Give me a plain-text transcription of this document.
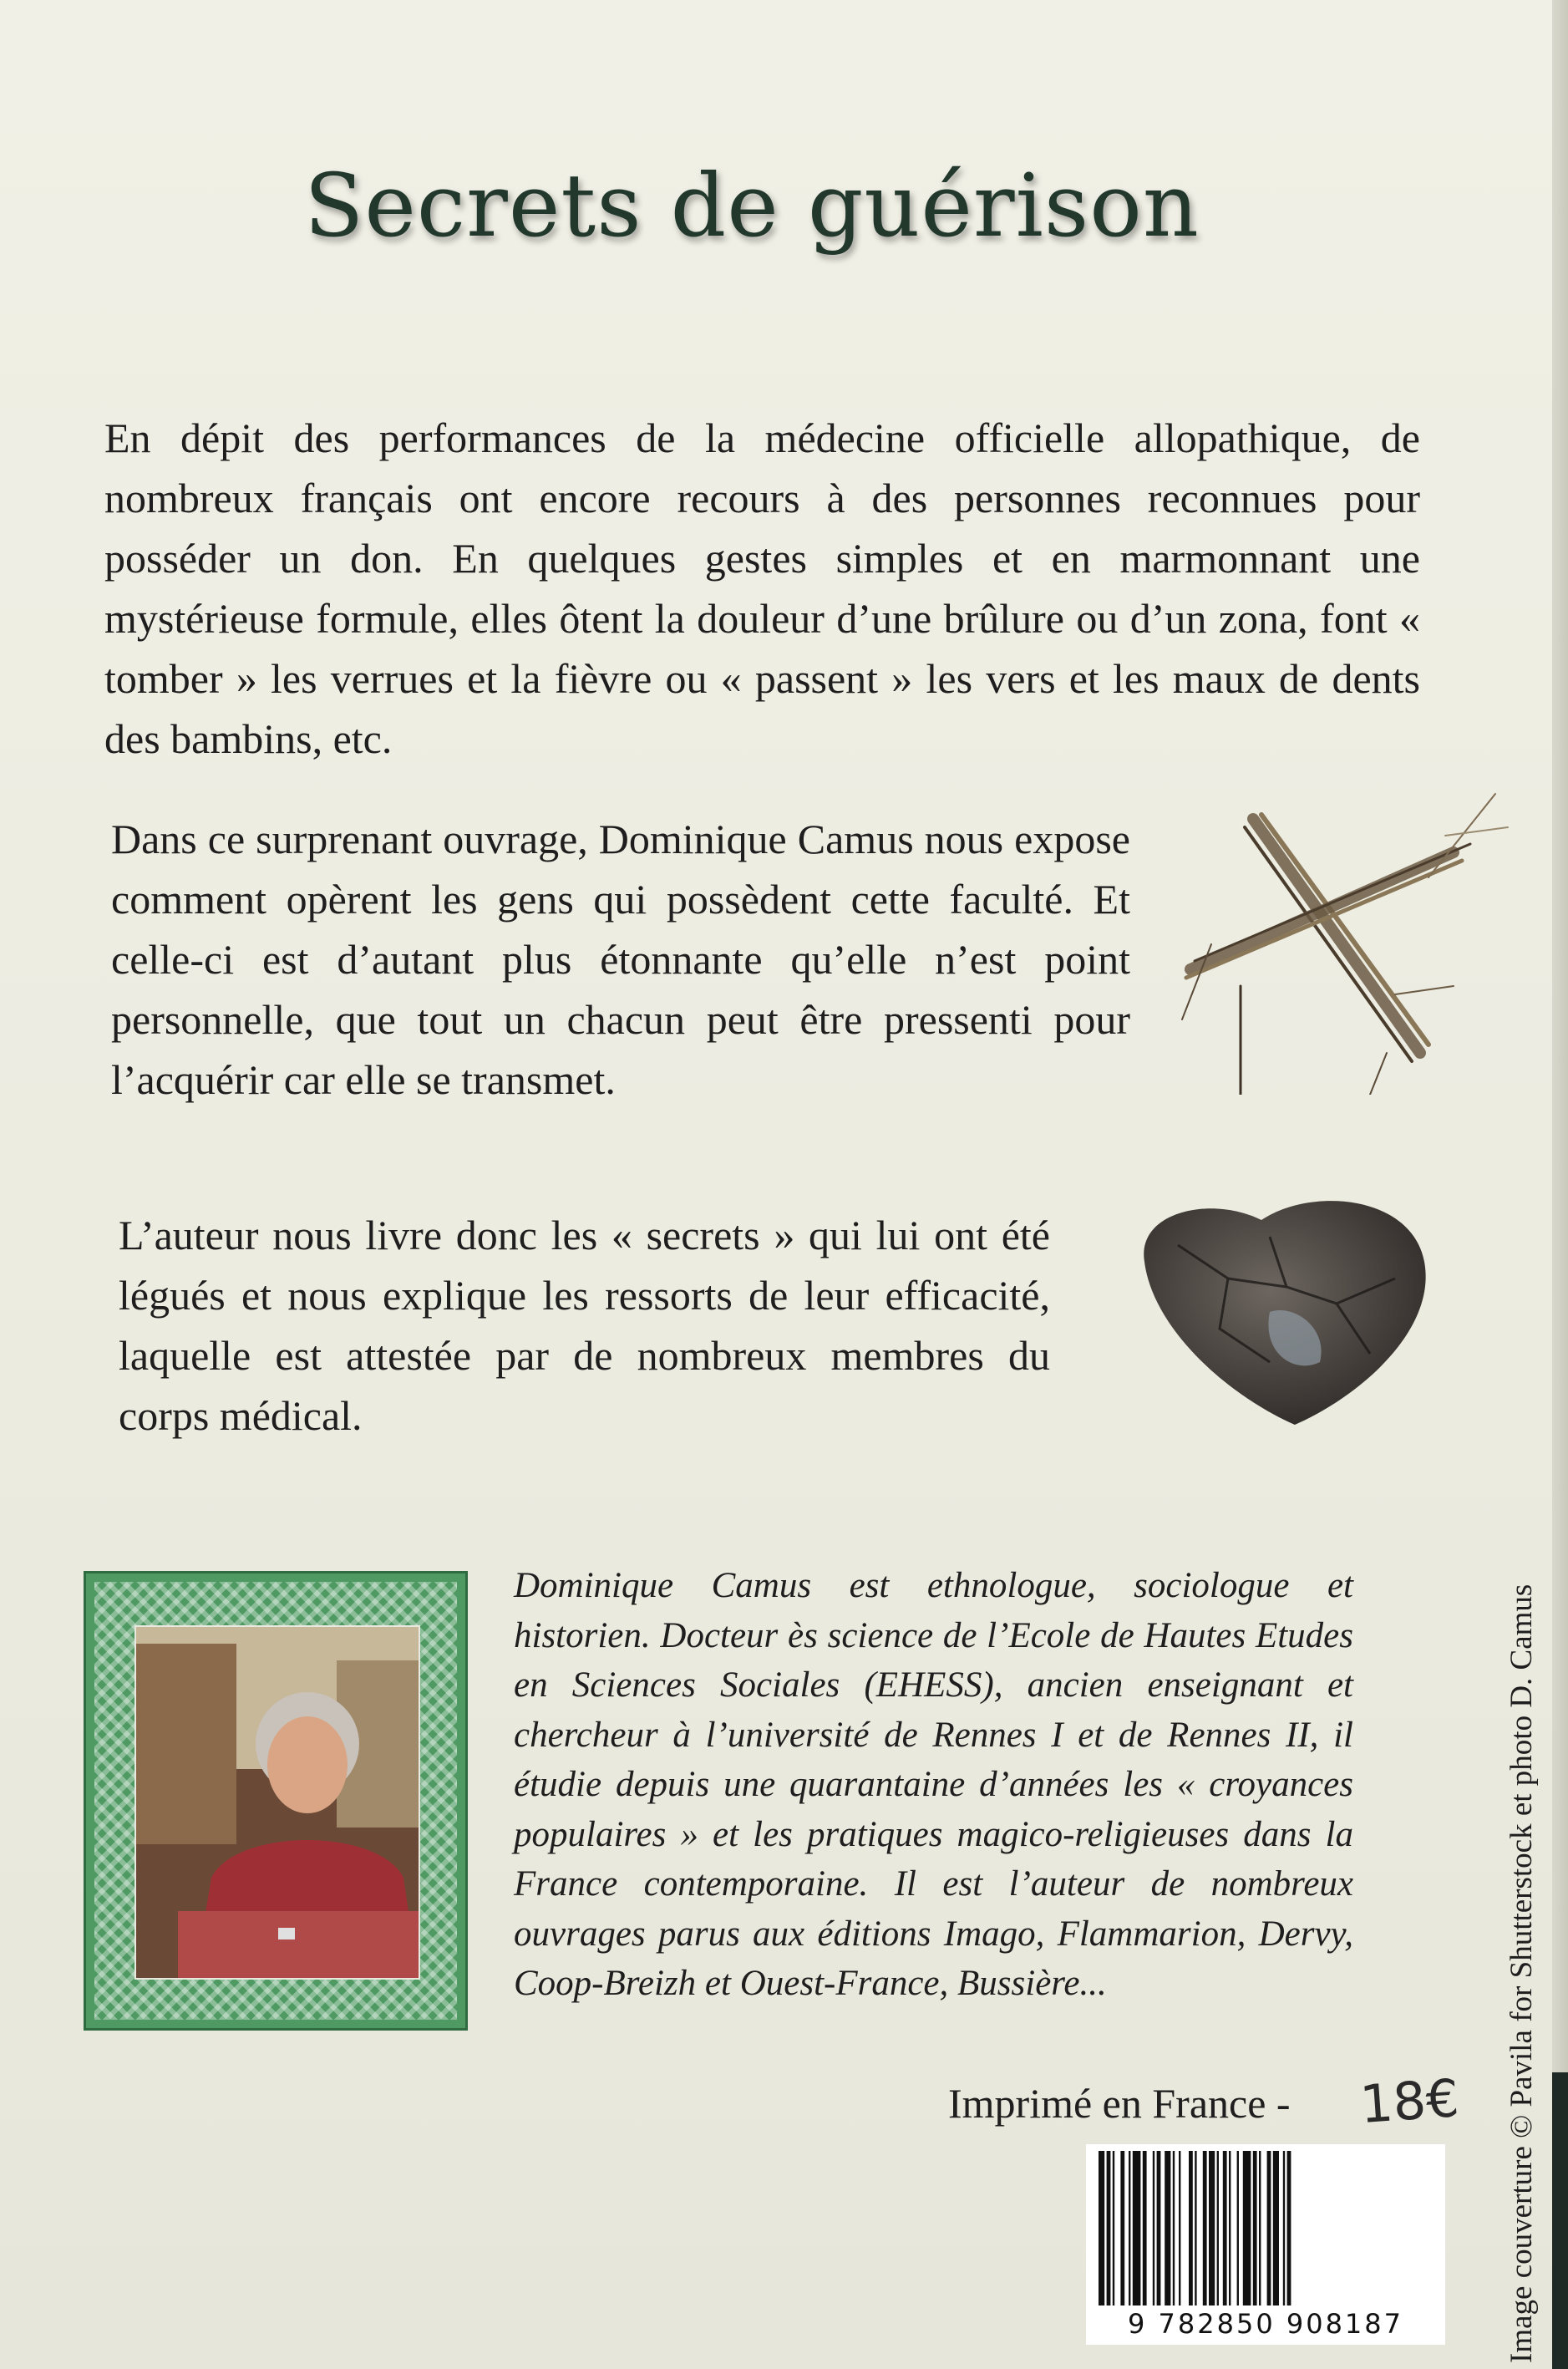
Secrets de guérison

En dépit des performances de la médecine officielle allopathique, de nombreux français ont encore recours à des personnes reconnues pour posséder un don. En quelques gestes simples et en marmonnant une mystérieuse formule, elles ôtent la douleur d’une brûlure ou d’un zona, font « tomber » les verrues et la fièvre ou « passent » les vers et les maux de dents des bambins, etc.

Dans ce surprenant ouvrage, Dominique Camus nous expose comment opèrent les gens qui possèdent cette faculté. Et celle-ci est d’autant plus étonnante qu’elle n’est point personnelle, que tout un chacun peut être pressenti pour l’acquérir car elle se transmet.

L’auteur nous livre donc les « secrets » qui lui ont été légués et nous explique les ressorts de leur efficacité, laquelle est attestée par de nombreux membres du corps médical.

Dominique Camus est ethnologue, sociologue et historien. Docteur ès science de l’Ecole de Hautes Etudes en Sciences Sociales (EHESS), ancien enseignant et chercheur à l’université de Rennes I et de Rennes II, il étudie depuis une quarantaine d’années les « croyances populaires » et les pratiques magico-religieuses dans la France contemporaine. Il est l’auteur de nombreux ouvrages parus aux éditions Imago, Flammarion, Dervy, Coop-Breizh et Ouest-France, Bussière...

Imprimé en France - 18€
9 782850 908187	Image couverture © Pavila for Shutterstock et photo D. Camus
